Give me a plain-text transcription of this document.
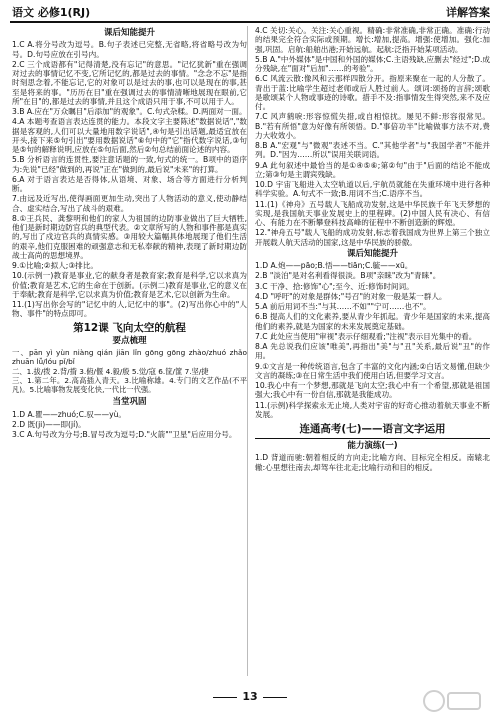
语文 必修1(RJ)	详解答案
课后知能提升

1.C A.将分号改为逗号。B.句子表述已完整,无省略,将省略号改为句号。D.句号应放在引号内。

2.C 三个成语都有"记得清楚,没有忘记"的意思。"记忆犹新"重在强调对过去的事情记忆不变,它所记忆的,都是过去的事情。"念念不忘"是指时刻思念着,不能忘记,它的对象可以是过去的事,也可以是现在的事,甚至是将来的事。"历历在目"重在强调过去的事情清晰地展现在眼前,它所"在目"的,都是过去的事情,并且这个成语只用于事,不可以用于人。

3.B A.应在"万众瞩目"后添加"的观象"。C.句式杂糅。D.两面对一面。

4.A 本题考查语言表达连贯的能力。本段文字主要陈述"数据说话","数据是客观的,人们可以大量地用数字说话",④句是引出话题,最适宜放在开头,接下来⑤句引出"要用数据说话"⑥句中的"它"指代数字说话,③句是⑤句的解释说明,应放在⑤句后面,然后②句总结前面论述的内容。

5.B 分析语言的连贯性,要注意话题的一致,句式的统一。B项中的语序为:先说"已经"做到的,再说"正在"做到的,最后说"未来"的打算。

6.A 对于语言表达是否得体,从语境、对象、场合等方面进行分析判断。

7.由远及近写出,使得画面更加生动,突出了人物活动的意义,使动静结合、虚实结合,写出了战斗的艰难。

8.①王兵民、龚黎明和他们的家人为祖国的边防事业做出了巨大牺牲,他们是新时期边防官兵的典型代表。②文章所写的人物和事件都是真实的,写出了戍边官兵的真情实感。③用较大篇幅具体地展现了他们生活的艰辛,他们克服困难的顽强意志和无私奉献的精神,表现了新时期边防战士高尚的思想境界。

9.①比喻;②拟人;③排比。

10.(示例一)教育是事业,它的献身者是教育家;教育是科学,它以求真为价值;教育是艺术,它的生命在于创新。(示例二)教育是事业,它的意义在于奉献;教育是科学,它以求真为价值;教育是艺术,它以创新为生命。

11.(1)写出你会写的"记忆中的人,记忆中的事"。(2)写出你心中的"人物、事件"的特点即可。

第12课 飞向太空的航程
要点梳理

一、pān yì yùn niàng qián jiān lǐn gōng gōng zhào/zhuó zhǎo zhuān lǚ/lóu pǐ/bǐ

二、1.拔/拨 2.背/揹 3.俯/偃 4.毅/殷 5.觉/寇 6.筐/篚 7.坚/捷

三、1.第二年。2.高高插入青天。3.比喻称雄。4.专门的文艺作品(不平凡)。5.比喻事物发展变化快,一代比一代强。

当堂巩固

1.D A.瞿——zhuó;C.驭——yù。

2.D 既(ji)——即(jí)。

3.C A.句号改为分号;B.冒号改为逗号;D."火箭""卫星"后应用分号。

4.C 关切:关心。关注:关心重视。精确:非常准确,非常正确。准确:行动的结果完全符合实际或预期。增长:增加,提高。增强:使增加。强化:加强,巩固。启航:船舶出港;开始远航。起航:泛指开始某项活动。

5.B A."中外媒体"是中国和外国的媒体;C.主语残缺,应删去"经过";D.成分残缺,在"面对"后加"……的考验"。

6.C 风流云散:像风和云那样四散分开。指原来聚在一起的人分散了。青出于蓝:比喻学生超过老师或后人胜过前人。颂词:颂扬的言辞;颂歌是歌颂某个人物或事迹的诗歌。措手不及:指事情发生得突然,来不及应付。

7.C 风声鹤唳:形容惊慌失措,或自相惊扰。屡见不鲜:形容很常见。B."若有所悟"意为好像有所领悟。D."事倍功半"比喻做事方法不对,费力大收效小。

8.B A."宏观"与"微观"表述不当。C."其他学者"与"我国学者"不能并列。D."因为……所以"误用关联词语。

9.A 此句叙述中最恰当的是①④⑤⑥;第②句"由于"后面的结论不能成立;第③句是主谓宾残缺。

10.D 宇宙飞船进入太空轨道以后,宇航员就能在失重环境中进行各种科学实验。A.句式不一致;B.用词不当;C.语序不当。

11.(1)《神舟》五号载人飞船成功发射,这是中华民族千年飞天梦想的实现,是我国航天事业发展史上的里程碑。(2)中国人民有决心、有信心、有能力在不断攀登科技高峰的征程中不断创造新的辉煌。

12."神舟五号"载人飞船的成功发射,标志着我国成为世界上第三个独立开展载人航天活动的国家,这是中华民族的骄傲。

课后知能提升

1.D A.炮——pāo;B.悟——tiān;C.毓——xū。

2.B "淡泊"是对名利看得很淡。B项"亲睐"改为"青睐"。

3.C 干净、拾:修饰"心";至今、近:修饰时间词。

4.D "呼吁"的对象是群体;"号召"的对象一般是某一群人。

5.A 前后用词不当:"与其……不如""宁可……也不"。

6.B 提高人们的文化素养,要从青少年抓起。青少年是国家的未来,提高他们的素养,就是为国家的未来发展奠定基础。

7.C 此处应当使用"审视"表示仔细观看;"注视"表示目光集中的看。

8.A 先总说我们应该"唯美",再指出"美"与"丑"关系,最后说"丑"的作用。

9.①文言是一种传统语言,包含了丰富的文化内涵;②白话文易懂,但缺少文言的凝练;③在日常生活中我们使用白话,但要学习文言。

10.我心中有一个梦想,那就是飞向太空;我心中有一个希望,那就是祖国强大;我心中有一份自信,那就是我能成功。

11.(示例)科学探索永无止境,人类对宇宙的好奇心推动着航天事业不断发展。

连通高考(七)——语言文字运用
能力演练(一)

1.D 背道而驰:朝着相反的方向走;比喻方向、目标完全相反。南辕北辙:心里想往南去,却驾车往北走;比喻行动和目的相反。

13
